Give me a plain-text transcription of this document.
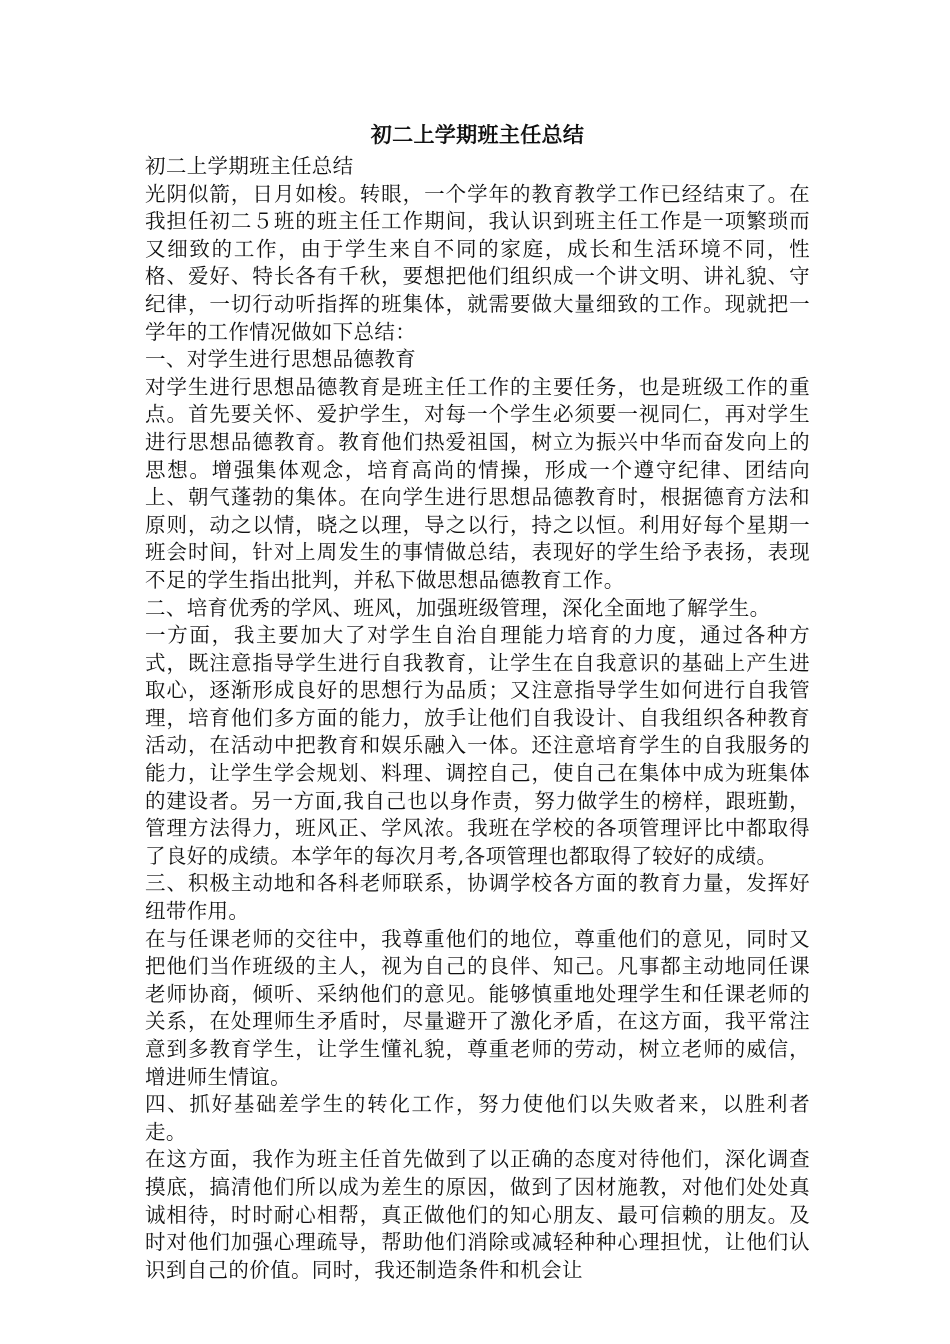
初二上学期班主任总结
初二上学期班主任总结
光阴似箭，日月如梭。转眼，一个学年的教育教学工作已经结束了。在我担任初二５班的班主任工作期间，我认识到班主任工作是一项繁琐而又细致的工作，由于学生来自不同的家庭，成长和生活环境不同，性格、爱好、特长各有千秋，要想把他们组织成一个讲文明、讲礼貌、守纪律，一切行动听指挥的班集体，就需要做大量细致的工作。现就把一学年的工作情况做如下总结：
一、对学生进行思想品德教育
对学生进行思想品德教育是班主任工作的主要任务，也是班级工作的重点。首先要关怀、爱护学生，对每一个学生必须要一视同仁，再对学生进行思想品德教育。教育他们热爱祖国，树立为振兴中华而奋发向上的思想。增强集体观念，培育高尚的情操，形成一个遵守纪律、团结向上、朝气蓬勃的集体。在向学生进行思想品德教育时，根据德育方法和原则，动之以情，晓之以理，导之以行，持之以恒。利用好每个星期一班会时间，针对上周发生的事情做总结，表现好的学生给予表扬，表现不足的学生指出批判，并私下做思想品德教育工作。
二、培育优秀的学风、班风，加强班级管理，深化全面地了解学生。
一方面，我主要加大了对学生自治自理能力培育的力度，通过各种方式，既注意指导学生进行自我教育，让学生在自我意识的基础上产生进取心，逐渐形成良好的思想行为品质；又注意指导学生如何进行自我管理，培育他们多方面的能力，放手让他们自我设计、自我组织各种教育活动，在活动中把教育和娱乐融入一体。还注意培育学生的自我服务的能力，让学生学会规划、料理、调控自己，使自己在集体中成为班集体的建设者。另一方面,我自己也以身作责，努力做学生的榜样，跟班勤，管理方法得力，班风正、学风浓。我班在学校的各项管理评比中都取得了良好的成绩。本学年的每次月考,各项管理也都取得了较好的成绩。
三、积极主动地和各科老师联系，协调学校各方面的教育力量，发挥好纽带作用。
在与任课老师的交往中，我尊重他们的地位，尊重他们的意见，同时又把他们当作班级的主人，视为自己的良伴、知己。凡事都主动地同任课老师协商，倾听、采纳他们的意见。能够慎重地处理学生和任课老师的关系，在处理师生矛盾时，尽量避开了激化矛盾，在这方面，我平常注意到多教育学生，让学生懂礼貌，尊重老师的劳动，树立老师的威信，增进师生情谊。
四、抓好基础差学生的转化工作，努力使他们以失败者来，以胜利者走。
在这方面，我作为班主任首先做到了以正确的态度对待他们，深化调查摸底，搞清他们所以成为差生的原因，做到了因材施教，对他们处处真诚相待，时时耐心相帮，真正做他们的知心朋友、最可信赖的朋友。及时对他们加强心理疏导，帮助他们消除或减轻种种心理担忧，让他们认识到自己的价值。同时，我还制造条件和机会让
